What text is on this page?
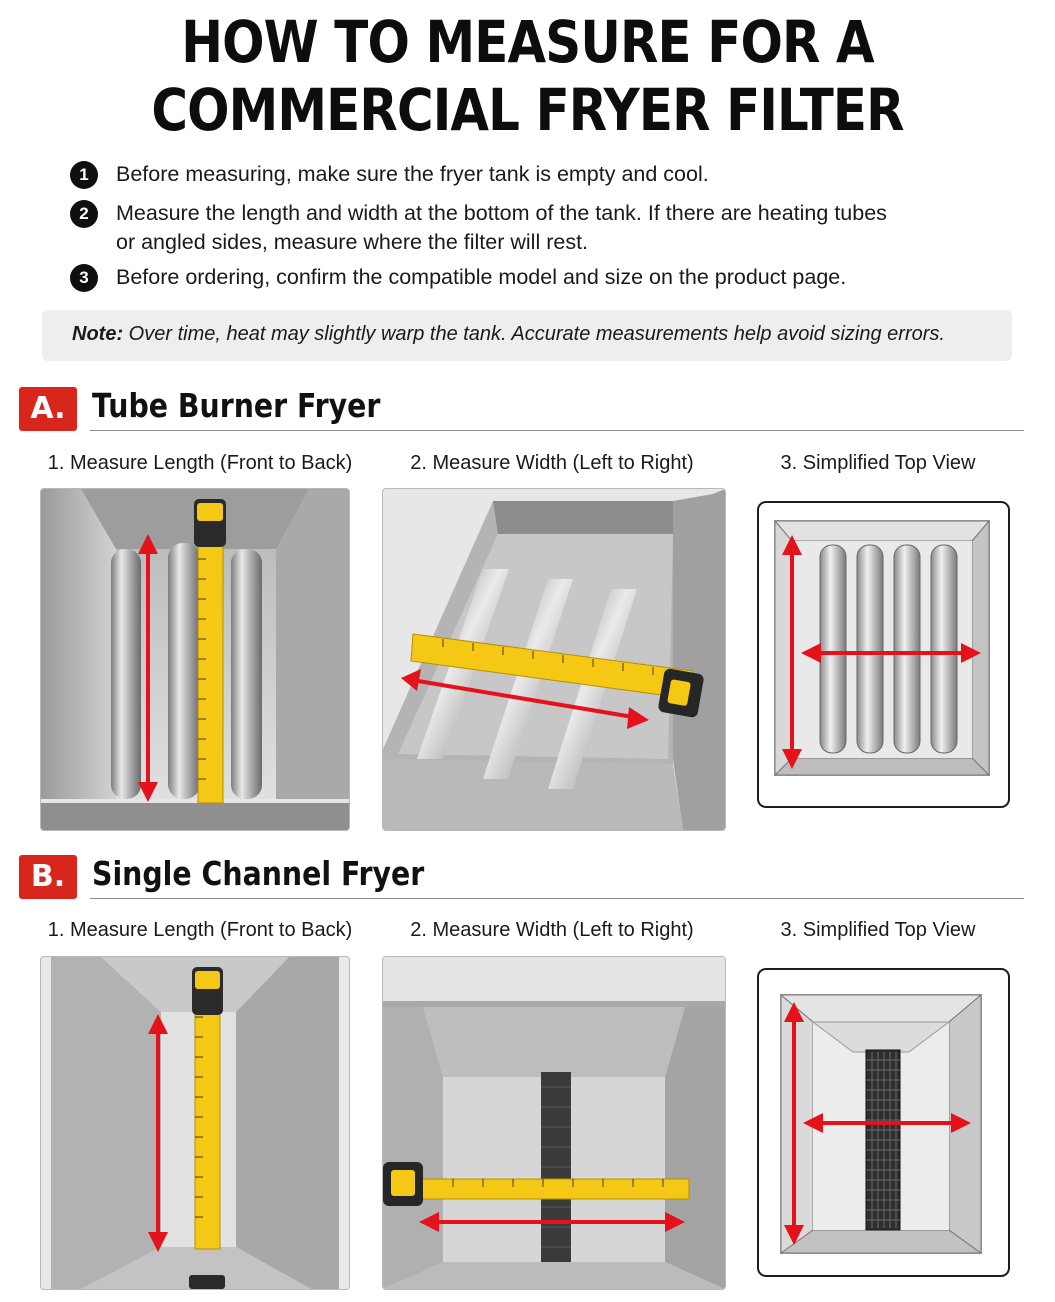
HOW TO MEASURE FOR A
COMMERCIAL FRYER FILTER
1	Before measuring, make sure the fryer tank is empty and cool.
2	Measure the length and width at the bottom of the tank. If there are heating tubes or angled sides, measure where the filter will rest.
3	Before ordering, confirm the compatible model and size on the product page.
Note: Over time, heat may slightly warp the tank. Accurate measurements help avoid sizing errors.
A. Tube Burner Fryer
1. Measure Length (Front to Back)	2. Measure Width (Left to Right)	3. Simplified Top View
B. Single Channel Fryer
1. Measure Length (Front to Back)	2. Measure Width (Left to Right)	3. Simplified Top View
